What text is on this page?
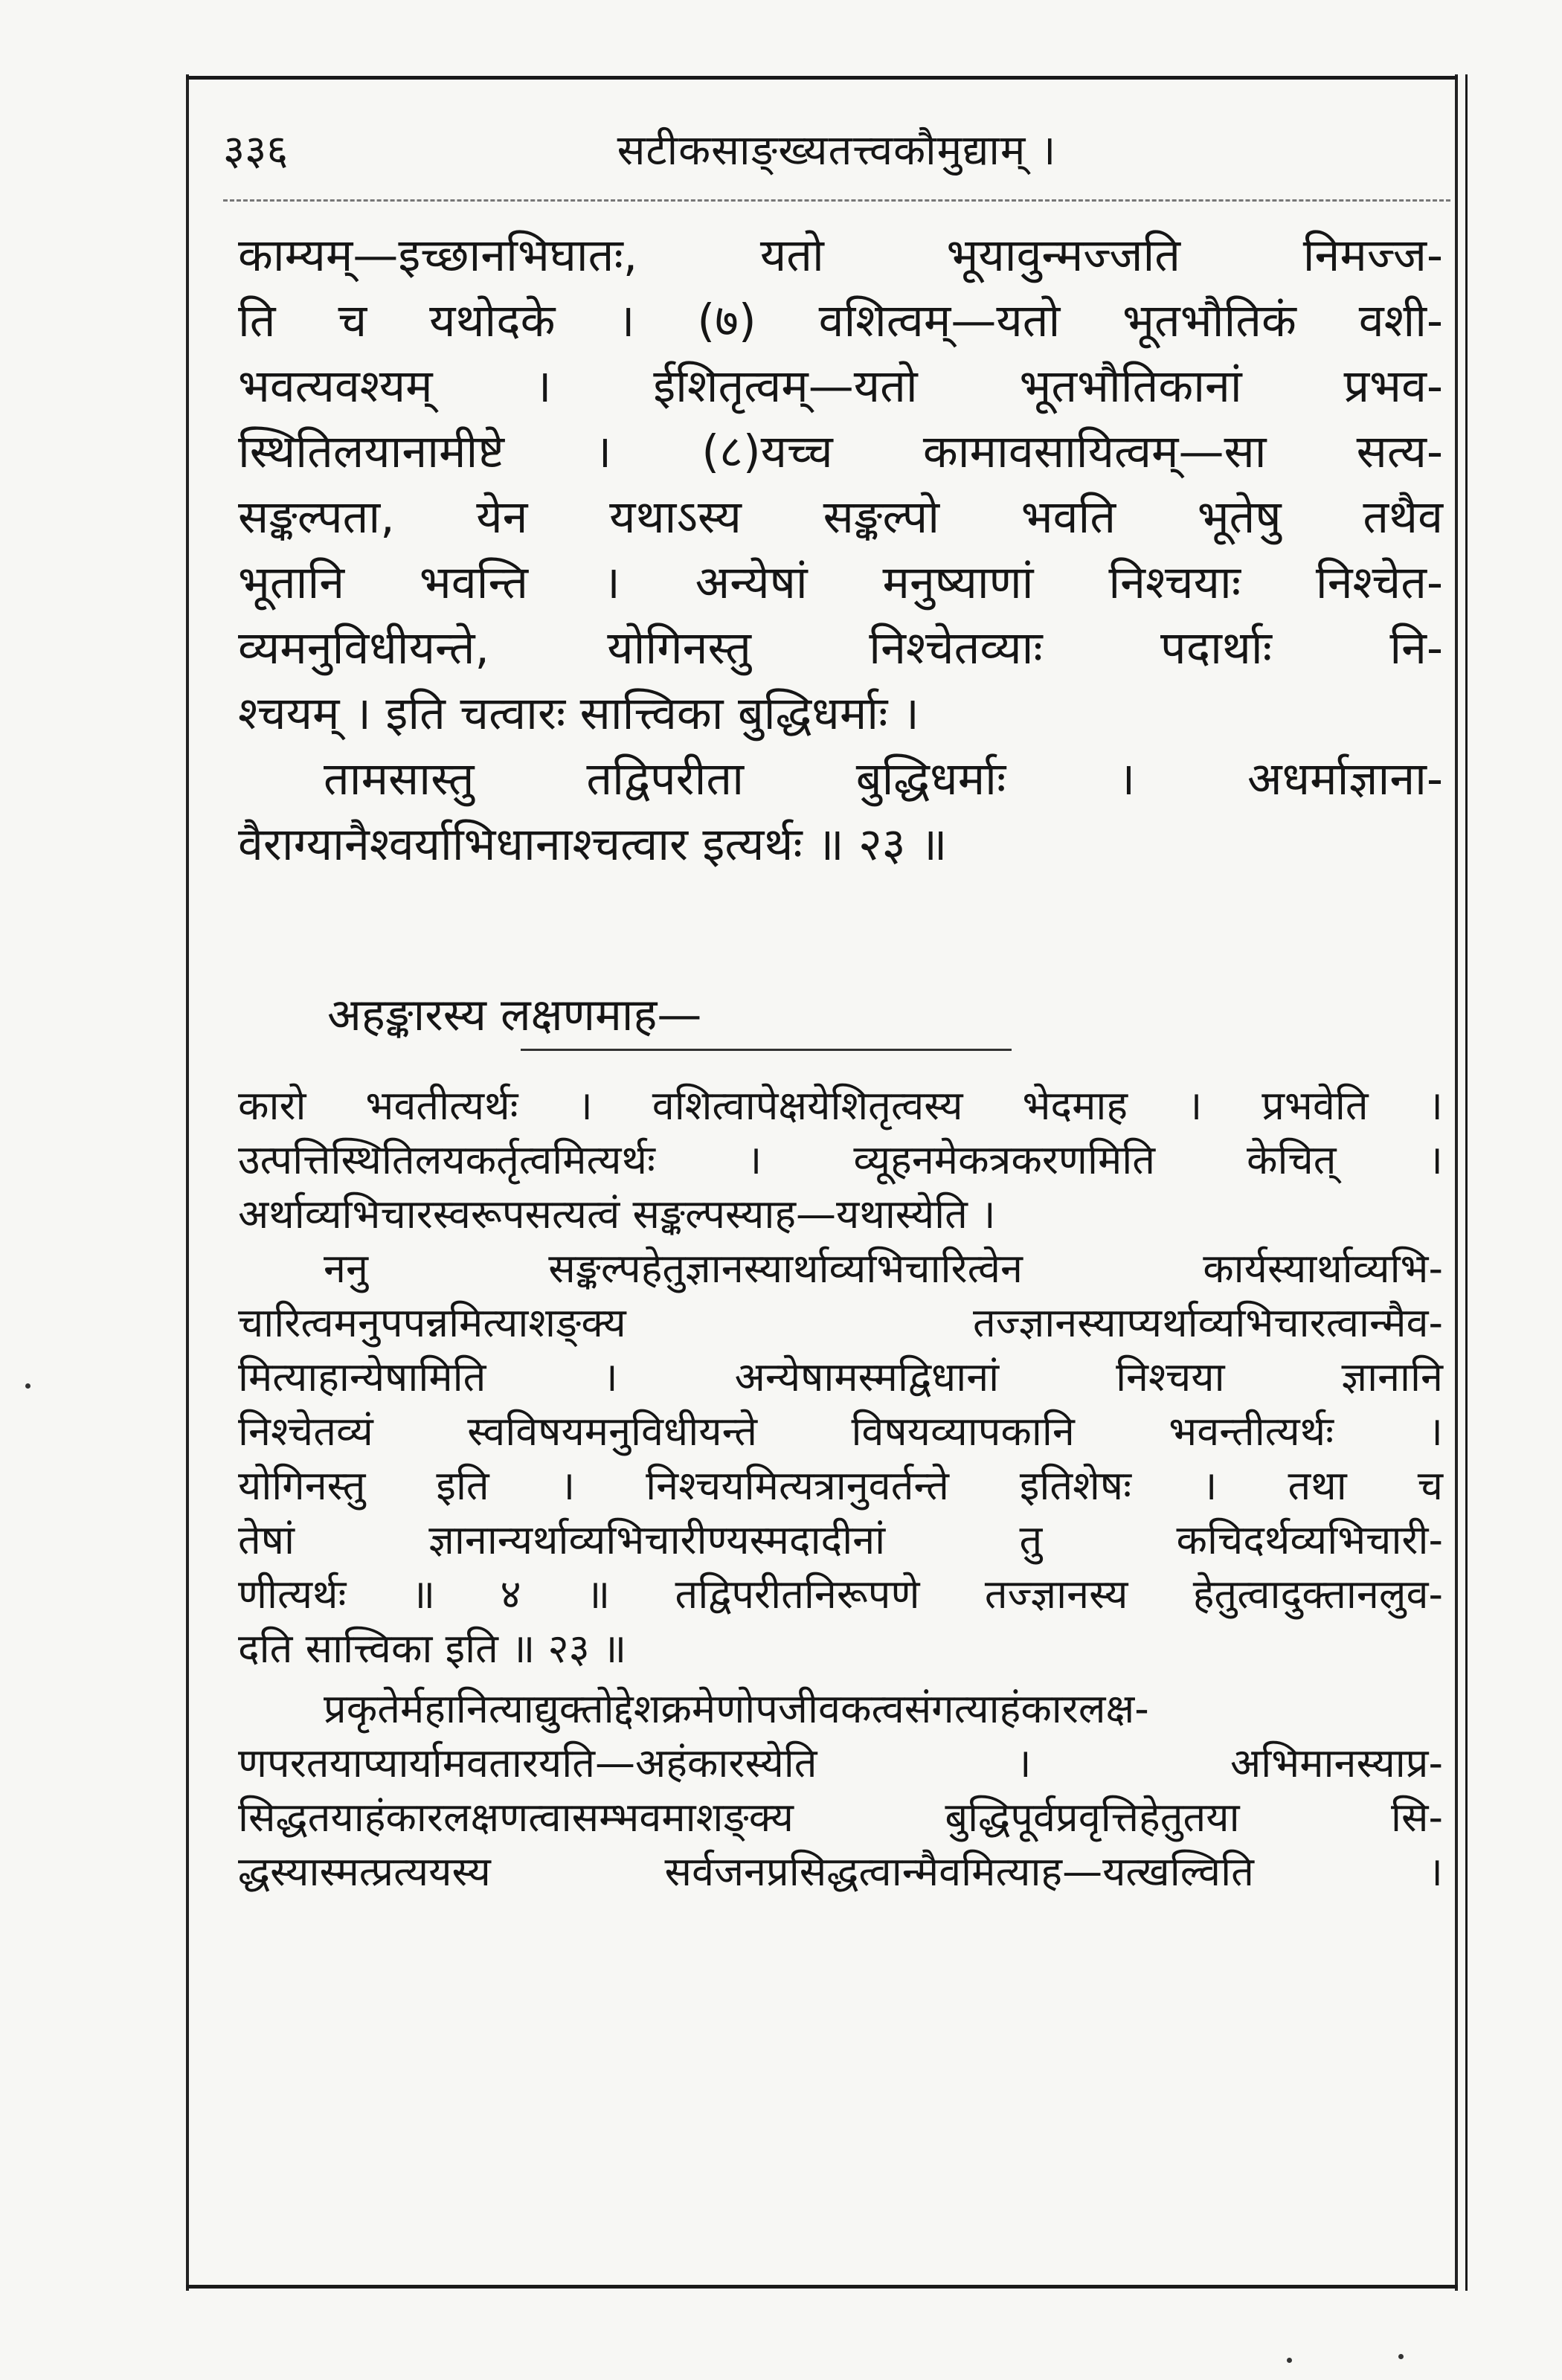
३३६	सटीकसाङ्ख्यतत्त्वकौमुद्याम् ।
काम्यम्—इच्छानभिघातः, यतो भूयावुन्मज्जति निमज्ज-
ति च यथोदके । (७) वशित्वम्—यतो भूतभौतिकं वशी-
भवत्यवश्यम् । ईशितृत्वम्—यतो भूतभौतिकानां प्रभव-
स्थितिलयानामीष्टे । (८)यच्च कामावसायित्वम्—सा सत्य-
सङ्कल्पता, येन यथाऽस्य सङ्कल्पो भवति भूतेषु तथैव
भूतानि भवन्ति । अन्येषां मनुष्याणां निश्चयाः निश्चेत-
व्यमनुविधीयन्ते, योगिनस्तु निश्चेतव्याः पदार्थाः नि-
श्चयम् । इति चत्वारः सात्त्विका बुद्धिधर्माः ।
तामसास्तु तद्विपरीता बुद्धिधर्माः । अधर्माज्ञाना-
वैराग्यानैश्वर्याभिधानाश्चत्वार इत्यर्थः ॥ २३ ॥
अहङ्कारस्य लक्षणमाह—
कारो भवतीत्यर्थः । वशित्वापेक्षयेशितृत्वस्य भेदमाह । प्रभवेति ।
उत्पत्तिस्थितिलयकर्तृत्वमित्यर्थः । व्यूहनमेकत्रकरणमिति केचित् ।
अर्थाव्यभिचारस्वरूपसत्यत्वं सङ्कल्पस्याह—यथास्येति ।
ननु सङ्कल्पहेतुज्ञानस्यार्थाव्यभिचारित्वेन कार्यस्यार्थाव्यभि-
चारित्वमनुपपन्नमित्याशङ्क्य तज्ज्ञानस्याप्यर्थाव्यभिचारत्वान्मैव-
मित्याहान्येषामिति । अन्येषामस्मद्विधानां निश्चया ज्ञानानि
निश्चेतव्यं स्वविषयमनुविधीयन्ते विषयव्यापकानि भवन्तीत्यर्थः ।
योगिनस्तु इति । निश्चयमित्यत्रानुवर्तन्ते इतिशेषः । तथा च
तेषां ज्ञानान्यर्थाव्यभिचारीण्यस्मदादीनां तु कचिदर्थव्यभिचारी-
णीत्यर्थः ॥ ४ ॥ तद्विपरीतनिरूपणे तज्ज्ञानस्य हेतुत्वादुक्तानलुव-
दति सात्त्विका इति ॥ २३ ॥
प्रकृतेर्महानित्याद्युक्तोद्देशक्रमेणोपजीवकत्वसंगत्याहंकारलक्ष-
णपरतयाप्यार्यामवतारयति—अहंकारस्येति । अभिमानस्याप्र-
सिद्धतयाहंकारलक्षणत्वासम्भवमाशङ्क्य बुद्धिपूर्वप्रवृत्तिहेतुतया सि-
द्धस्यास्मत्प्रत्ययस्य सर्वजनप्रसिद्धत्वान्मैवमित्याह—यत्खल्विति ।
